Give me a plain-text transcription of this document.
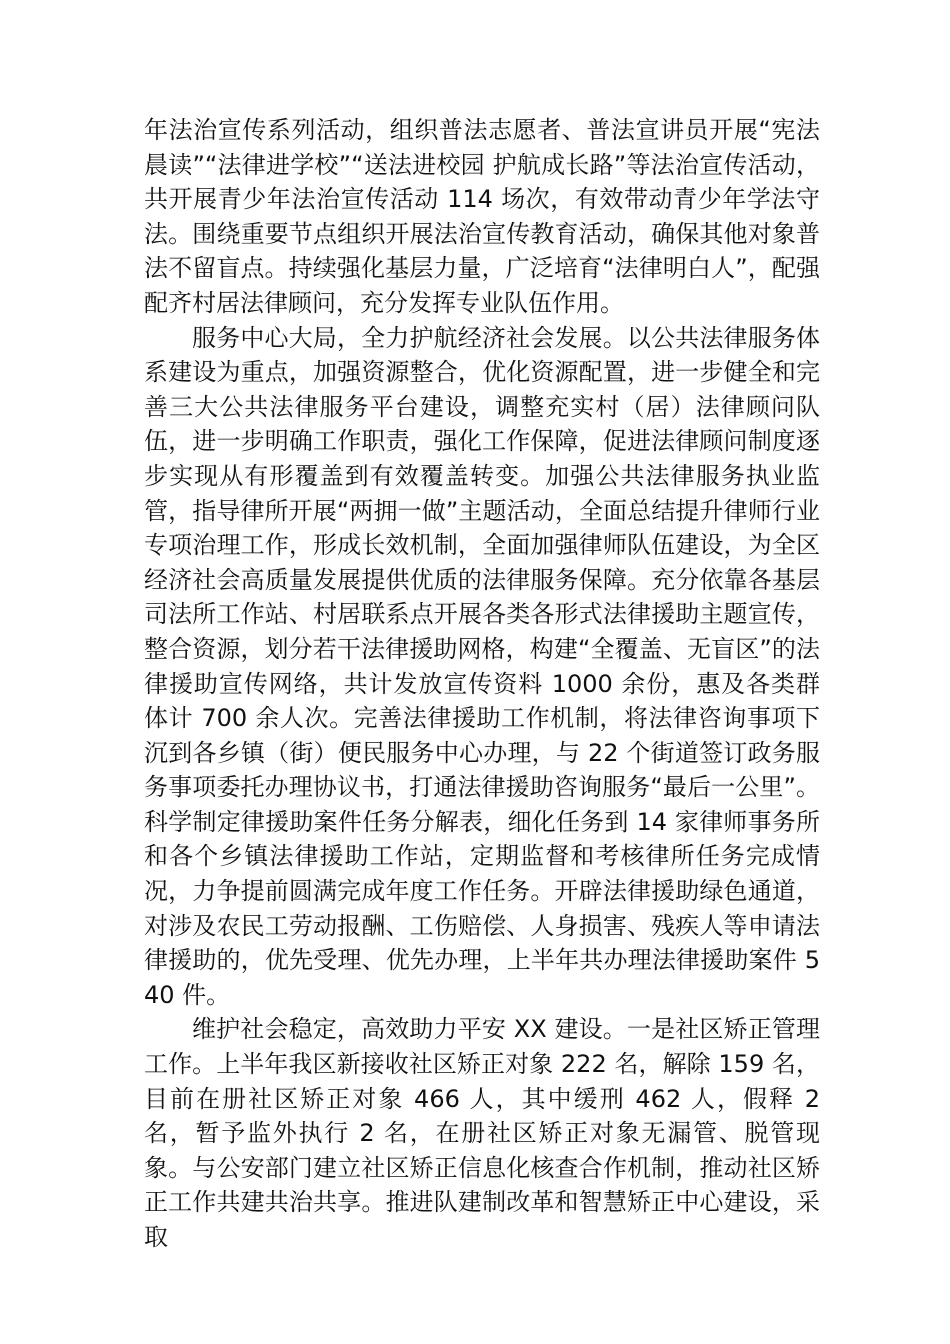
年法治宣传系列活动，组织普法志愿者、普法宣讲员开展“宪法晨读”“法律进学校”“送法进校园 护航成长路”等法治宣传活动，共开展青少年法治宣传活动 114 场次，有效带动青少年学法守法。围绕重要节点组织开展法治宣传教育活动，确保其他对象普法不留盲点。持续强化基层力量，广泛培育“法律明白人”，配强配齐村居法律顾问，充分发挥专业队伍作用。

服务中心大局，全力护航经济社会发展。以公共法律服务体系建设为重点，加强资源整合，优化资源配置，进一步健全和完善三大公共法律服务平台建设，调整充实村（居）法律顾问队伍，进一步明确工作职责，强化工作保障，促进法律顾问制度逐步实现从有形覆盖到有效覆盖转变。加强公共法律服务执业监管，指导律所开展“两拥一做”主题活动，全面总结提升律师行业专项治理工作，形成长效机制，全面加强律师队伍建设，为全区经济社会高质量发展提供优质的法律服务保障。充分依靠各基层司法所工作站、村居联系点开展各类各形式法律援助主题宣传，整合资源，划分若干法律援助网格，构建“全覆盖、无盲区”的法律援助宣传网络，共计发放宣传资料 1000 余份，惠及各类群体计 700 余人次。完善法律援助工作机制，将法律咨询事项下沉到各乡镇（街）便民服务中心办理，与 22 个街道签订政务服务事项委托办理协议书，打通法律援助咨询服务“最后一公里”。科学制定律援助案件任务分解表，细化任务到 14 家律师事务所和各个乡镇法律援助工作站，定期监督和考核律所任务完成情况，力争提前圆满完成年度工作任务。开辟法律援助绿色通道，对涉及农民工劳动报酬、工伤赔偿、人身损害、残疾人等申请法律援助的，优先受理、优先办理，上半年共办理法律援助案件 540 件。

维护社会稳定，高效助力平安 XX 建设。一是社区矫正管理工作。上半年我区新接收社区矫正对象 222 名，解除 159 名，目前在册社区矫正对象 466 人，其中缓刑 462 人，假释 2 名，暂予监外执行 2 名，在册社区矫正对象无漏管、脱管现象。与公安部门建立社区矫正信息化核查合作机制，推动社区矫正工作共建共治共享。推进队建制改革和智慧矫正中心建设，采取
